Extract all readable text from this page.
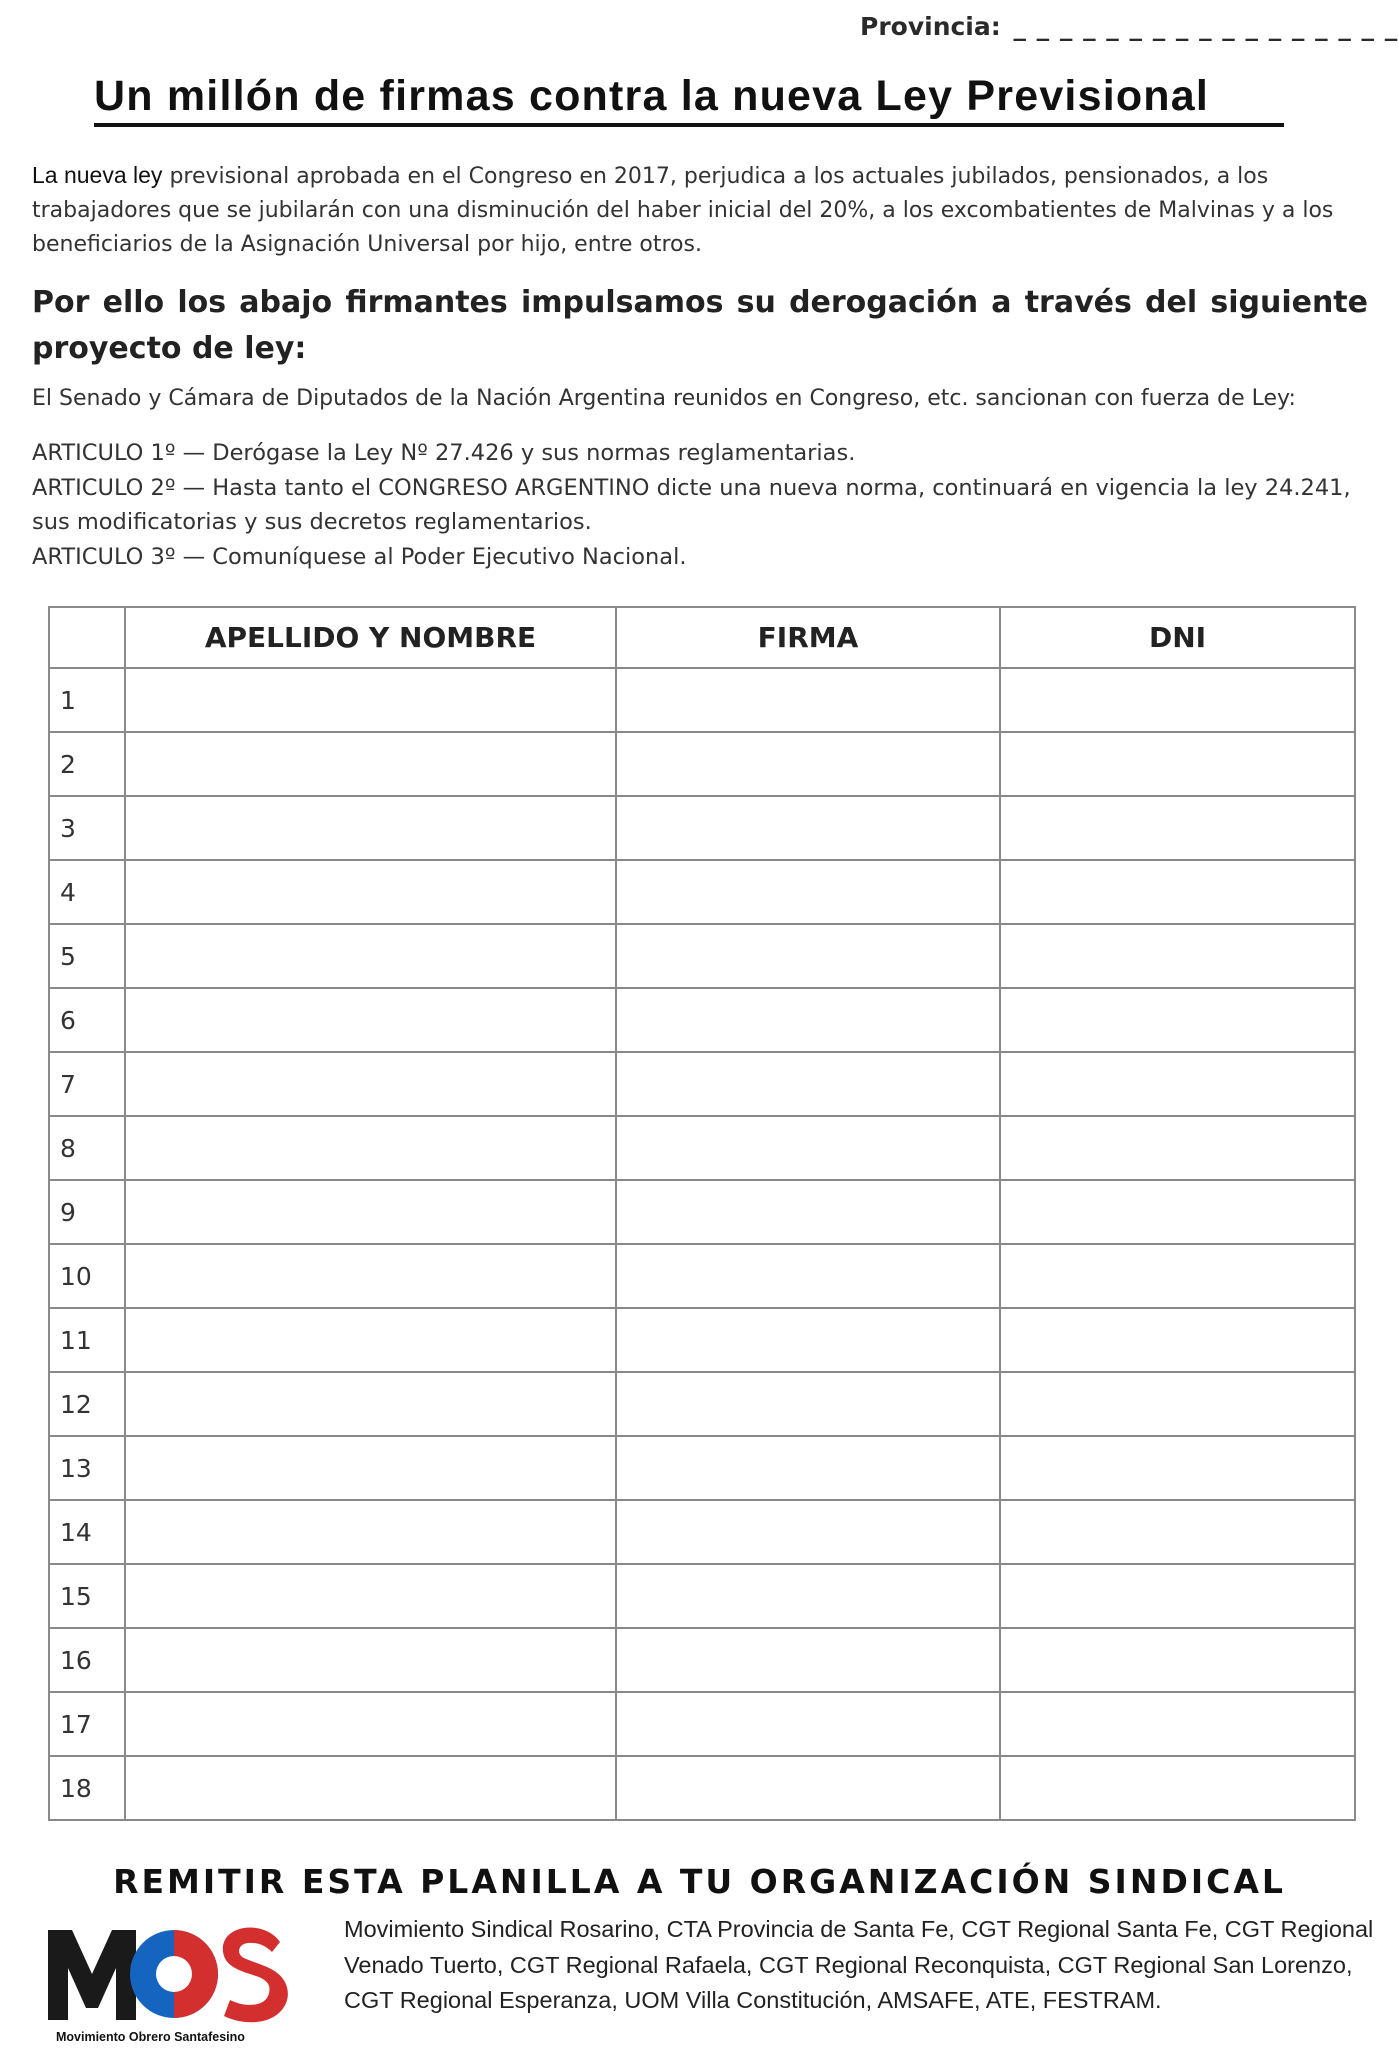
Provincia: _ _ _ _ _ _ _ _ _ _ _ _ _ _ _ _ _
Un millón de firmas contra la nueva Ley Previsional
La nueva ley previsional aprobada en el Congreso en 2017, perjudica a los actuales jubilados, pensionados, a los trabajadores que se jubilarán con una disminución del haber inicial del 20%, a los excombatientes de Malvinas y a los beneficiarios de la Asignación Universal por hijo, entre otros.
Por ello los abajo firmantes impulsamos su derogación a través del siguiente proyecto de ley:
El Senado y Cámara de Diputados de la Nación Argentina reunidos en Congreso, etc. sancionan con fuerza de Ley:

ARTICULO 1º — Derógase la Ley Nº 27.426 y sus normas reglamentarias.

ARTICULO 2º — Hasta tanto el CONGRESO ARGENTINO dicte una nueva norma, continuará en vigencia la ley 24.241, sus modificatorias y sus decretos reglamentarios.

ARTICULO 3º — Comuníquese al Poder Ejecutivo Nacional.

	APELLIDO Y NOMBRE	FIRMA	DNI
1			
2			
3			
4			
5			
6			
7			
8			
9			
10			
11			
12			
13			
14			
15			
16			
17			
18			
REMITIR ESTA PLANILLA A TU ORGANIZACIÓN SINDICAL
Movimiento Obrero Santafesino
Movimiento Sindical Rosarino, CTA Provincia de Santa Fe, CGT Regional Santa Fe, CGT Regional Venado Tuerto, CGT Regional Rafaela, CGT Regional Reconquista, CGT Regional San Lorenzo, CGT Regional Esperanza, UOM Villa Constitución, AMSAFE, ATE, FESTRAM.
